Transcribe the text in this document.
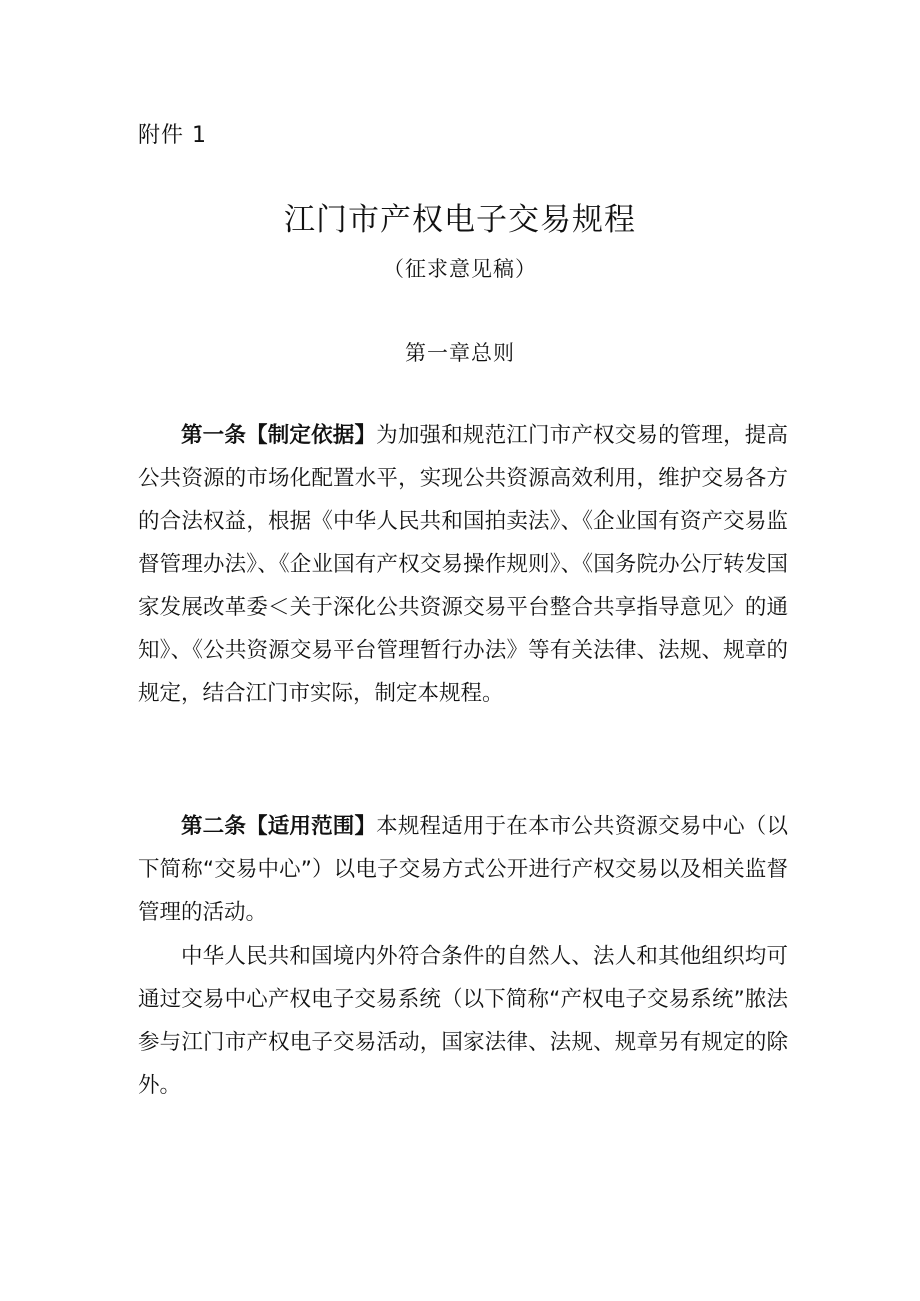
附件 1
江门市产权电子交易规程
（征求意见稿）
第一章总则

第一条【制定依据】为加强和规范江门市产权交易的管理，提高公共资源的市场化配置水平，实现公共资源高效利用，维护交易各方的合法权益，根据《中华人民共和国拍卖法》、《企业国有资产交易监督管理办法》、《企业国有产权交易操作规则》、《国务院办公厅转发国家发展改革委＜关于深化公共资源交易平台整合共享指导意见〉的通知》、《公共资源交易平台管理暂行办法》等有关法律、法规、规章的规定，结合江门市实际，制定本规程。

第二条【适用范围】本规程适用于在本市公共资源交易中心（以下简称“交易中心”）以电子交易方式公开进行产权交易以及相关监督管理的活动。

中华人民共和国境内外符合条件的自然人、法人和其他组织均可通过交易中心产权电子交易系统（以下简称“产权电子交易系统”脓法参与江门市产权电子交易活动，国家法律、法规、规章另有规定的除外。
